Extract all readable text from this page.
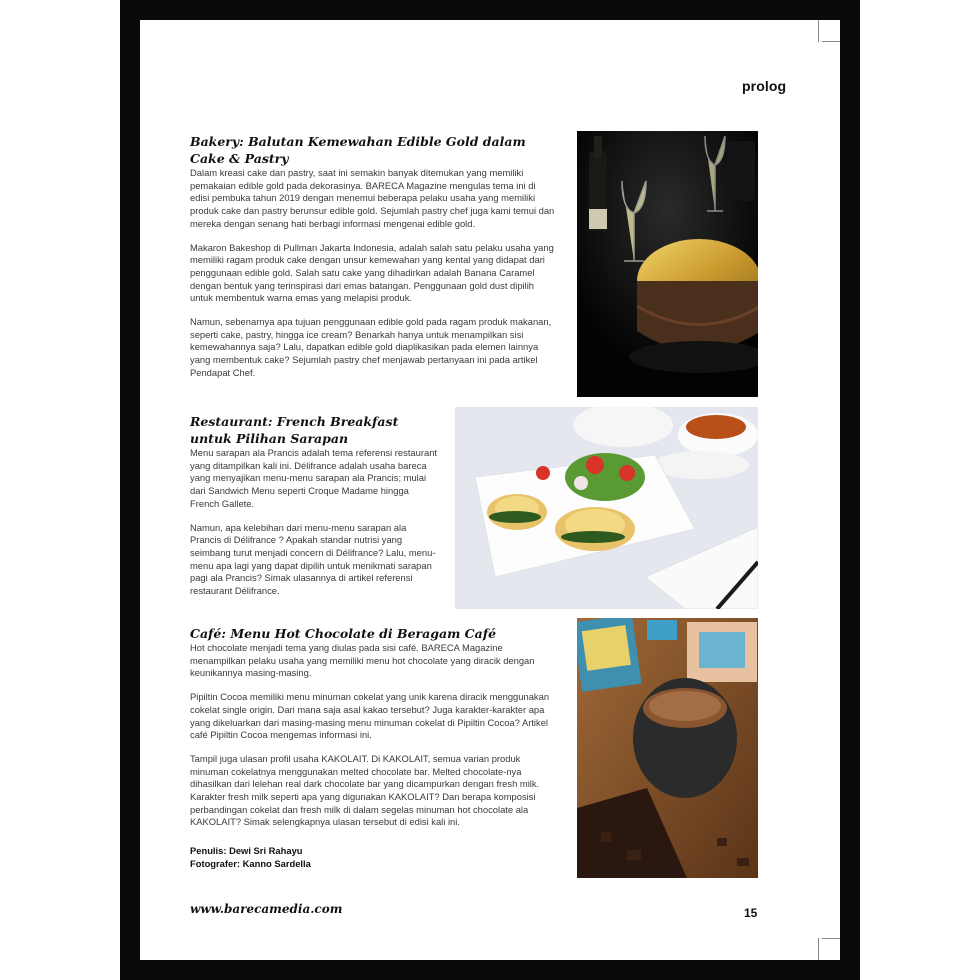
prolog
Bakery: Balutan Kemewahan Edible Gold dalam Cake & Pastry

Dalam kreasi cake dan pastry, saat ini semakin banyak ditemukan yang memiliki pemakaian edible gold pada dekorasinya. BARECA Magazine mengulas tema ini di edisi pembuka tahun 2019 dengan menemui beberapa pelaku usaha yang memiliki produk cake dan pastry berunsur edible gold. Sejumlah pastry chef juga kami temui dan mereka dengan senang hati berbagi informasi mengenai edible gold.

Makaron Bakeshop di Pullman Jakarta Indonesia, adalah salah satu pelaku usaha yang memiliki ragam produk cake dengan unsur kemewahan yang kental yang didapat dari penggunaan edible gold. Salah satu cake yang dihadirkan adalah Banana Caramel dengan bentuk yang terinspirasi dari emas batangan. Penggunaan gold dust dipilih untuk membentuk warna emas yang melapisi produk.

Namun, sebenarnya apa tujuan penggunaan edible gold pada ragam produk makanan, seperti cake, pastry, hingga ice cream? Benarkah hanya untuk menampilkan sisi kemewahannya saja? Lalu, dapatkan edible gold diaplikasikan pada elemen lainnya yang membentuk cake? Sejumlah pastry chef menjawab pertanyaan ini pada artikel Pendapat Chef.

Restaurant: French Breakfast untuk Pilihan Sarapan

Menu sarapan ala Prancis adalah tema referensi restaurant yang ditampilkan kali ini. Délifrance adalah usaha bareca yang menyajikan menu-menu sarapan ala Prancis; mulai dari Sandwich Menu seperti Croque Madame hingga French Gallete.

Namun, apa kelebihan dari menu-menu sarapan ala Prancis di Délifrance ? Apakah standar nutrisi yang seimbang turut menjadi concern di Délifrance? Lalu, menu-menu apa lagi yang dapat dipilih untuk menikmati sarapan pagi ala Prancis? Simak ulasannya di artikel referensi restaurant Délifrance.

Café: Menu Hot Chocolate di Beragam Café

Hot chocolate menjadi tema yang diulas pada sisi café. BARECA Magazine menampilkan pelaku usaha yang memiliki menu hot chocolate yang diracik dengan keunikannya masing-masing.

Pipiltin Cocoa memiliki menu minuman cokelat yang unik karena diracik menggunakan cokelat single origin. Dari mana saja asal kakao tersebut? Juga karakter-karakter apa yang dikeluarkan dari masing-masing menu minuman cokelat di Pipiltin Cocoa? Artikel café Pipiltin Cocoa mengemas informasi ini.

Tampil juga ulasan profil usaha KAKOLAIT. Di KAKOLAIT, semua varian produk minuman cokelatnya menggunakan melted chocolate bar. Melted chocolate-nya dihasilkan dari lelehan real dark chocolate bar yang dicampurkan dengan fresh milk. Karakter fresh milk seperti apa yang digunakan KAKOLAIT? Dan berapa komposisi perbandingan cokelat dan fresh milk di dalam segelas minuman hot chocolate ala KAKOLAIT? Simak selengkapnya ulasan tersebut di edisi kali ini.

Penulis: Dewi Sri Rahayu
Fotografer: Kanno Sardella
www.barecamedia.com	15
